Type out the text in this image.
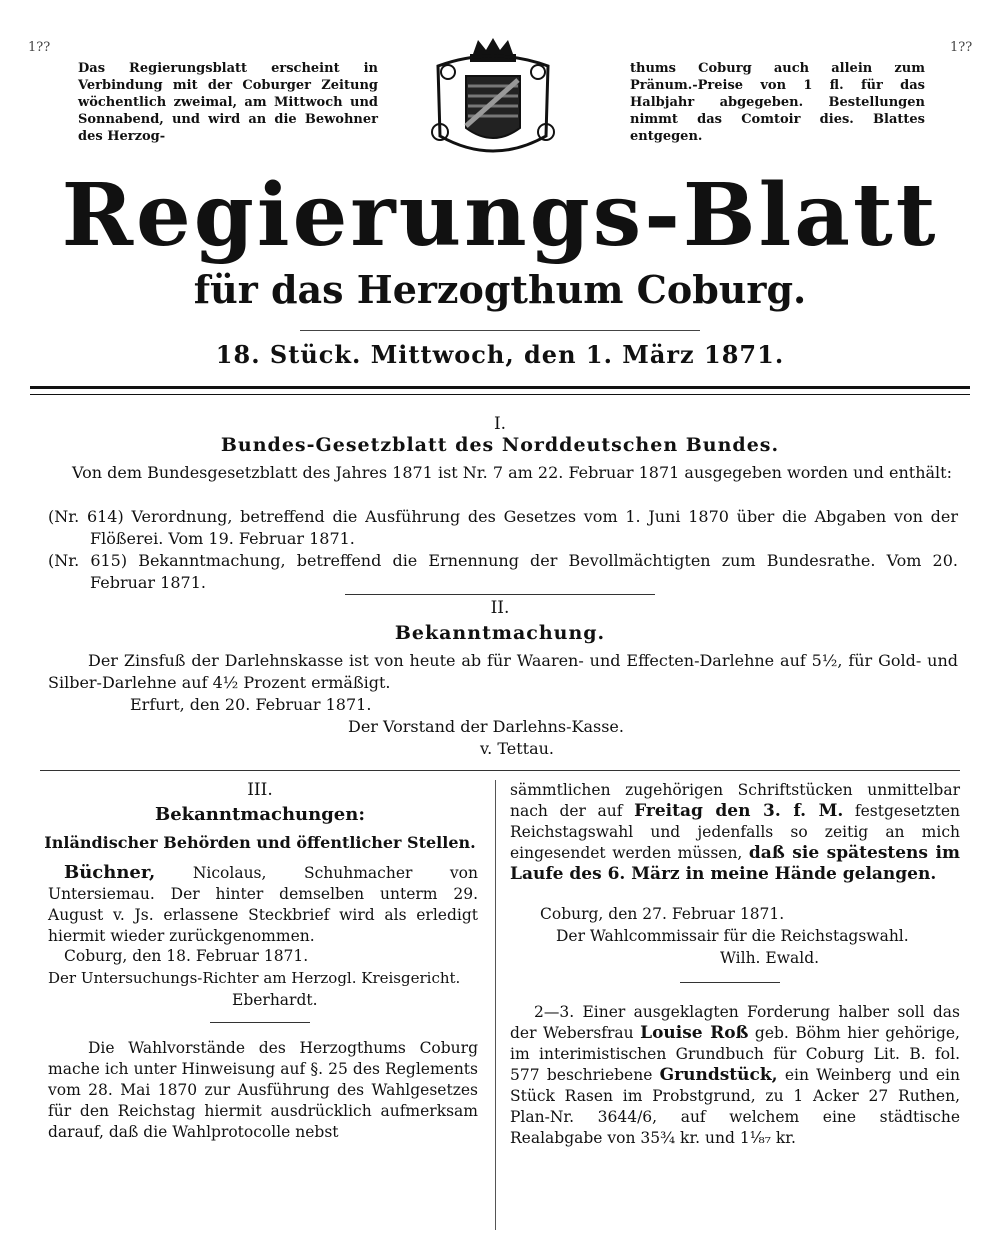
1??	1??
Das Regierungsblatt erscheint in Verbindung mit der Coburger Zeitung wöchentlich zweimal, am Mittwoch und Sonnabend, und wird an die Bewohner des Herzog-
thums Coburg auch allein zum Pränum.-Preise von 1 fl. für das Halbjahr abgegeben. Bestellungen nimmt das Comtoir dies. Blattes entgegen.
Regierungs-Blatt
für das Herzogthum Coburg.
18. Stück. Mittwoch, den 1. März 1871.
I.
Bundes-Gesetzblatt des Norddeutschen Bundes.
Von dem Bundesgesetzblatt des Jahres 1871 ist Nr. 7 am 22. Februar 1871 ausgegeben worden und enthält:
(Nr. 614) Verordnung, betreffend die Ausführung des Gesetzes vom 1. Juni 1870 über die Abgaben von der Flößerei. Vom 19. Februar 1871.
(Nr. 615) Bekanntmachung, betreffend die Ernennung der Bevollmächtigten zum Bundesrathe. Vom 20. Februar 1871.
II.
Bekanntmachung.
Der Zinsfuß der Darlehnskasse ist von heute ab für Waaren- und Effecten-Darlehne auf 5½, für Gold- und Silber-Darlehne auf 4½ Prozent ermäßigt.
Erfurt, den 20. Februar 1871.
Der Vorstand der Darlehns-Kasse.
v. Tettau.
III.
Bekanntmachungen:
Inländischer Behörden und öffentlicher Stellen.
Büchner, Nicolaus, Schuhmacher von Untersiemau. Der hinter demselben unterm 29. August v. Js. erlassene Steckbrief wird als erledigt hiermit wieder zurückgenommen.
Coburg, den 18. Februar 1871.
Der Untersuchungs-Richter am Herzogl. Kreisgericht.
Eberhardt.
Die Wahlvorstände des Herzogthums Coburg mache ich unter Hinweisung auf §. 25 des Reglements vom 28. Mai 1870 zur Ausführung des Wahlgesetzes für den Reichstag hiermit ausdrücklich aufmerksam darauf, daß die Wahlprotocolle nebst
sämmtlichen zugehörigen Schriftstücken unmittelbar nach der auf Freitag den 3. f. M. festgesetzten Reichstagswahl und jedenfalls so zeitig an mich eingesendet werden müssen, daß sie spätestens im Laufe des 6. März in meine Hände gelangen.
Coburg, den 27. Februar 1871.
Der Wahlcommissair für die Reichstagswahl.
Wilh. Ewald.
2—3. Einer ausgeklagten Forderung halber soll das der Webersfrau Louise Roß geb. Böhm hier gehörige, im interimistischen Grundbuch für Coburg Lit. B. fol. 577 beschriebene Grundstück, ein Weinberg und ein Stück Rasen im Probstgrund, zu 1 Acker 27 Ruthen, Plan-Nr. 3644/6, auf welchem eine städtische Realabgabe von 35¾ kr. und 1¹⁄₈₇ kr.
